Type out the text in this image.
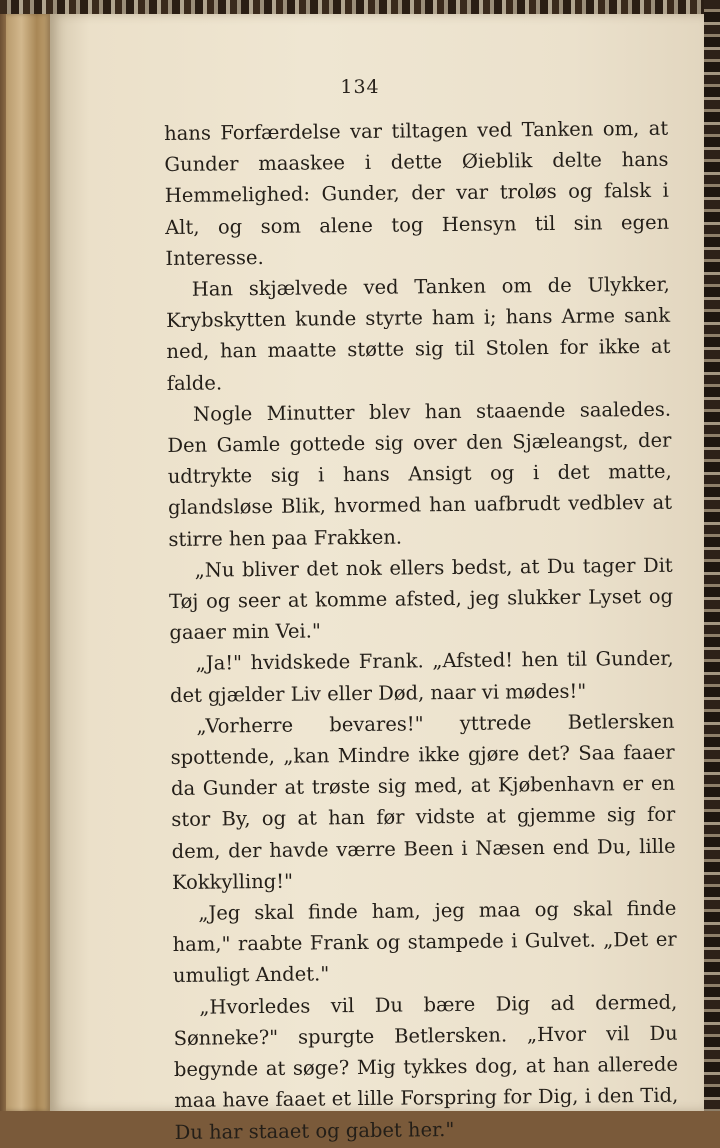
134

hans Forfærdelse var tiltagen ved Tanken om, at Gunder maaskee i dette Øieblik delte hans Hemmelighed: Gunder, der var troløs og falsk i Alt, og som alene tog Hensyn til sin egen Interesse.

Han skjælvede ved Tanken om de Ulykker, Krybskytten kunde styrte ham i; hans Arme sank ned, han maatte støtte sig til Stolen for ikke at falde.

Nogle Minutter blev han staaende saaledes. Den Gamle gottede sig over den Sjæleangst, der udtrykte sig i hans Ansigt og i det matte, glandsløse Blik, hvormed han uafbrudt vedblev at stirre hen paa Frakken.

„Nu bliver det nok ellers bedst, at Du tager Dit Tøj og seer at komme afsted, jeg slukker Lyset og gaaer min Vei."

„Ja!" hvidskede Frank. „Afsted! hen til Gunder, det gjælder Liv eller Død, naar vi mødes!"

„Vorherre bevares!" yttrede Betlersken spottende, „kan Mindre ikke gjøre det? Saa faaer da Gunder at trøste sig med, at Kjøbenhavn er en stor By, og at han før vidste at gjemme sig for dem, der havde værre Been i Næsen end Du, lille Kokkylling!"

„Jeg skal finde ham, jeg maa og skal finde ham," raabte Frank og stampede i Gulvet. „Det er umuligt Andet."

„Hvorledes vil Du bære Dig ad dermed, Sønneke?" spurgte Betlersken. „Hvor vil Du begynde at søge? Mig tykkes dog, at han allerede maa have faaet et lille Forspring for Dig, i den Tid, Du har staaet og gabet her."
